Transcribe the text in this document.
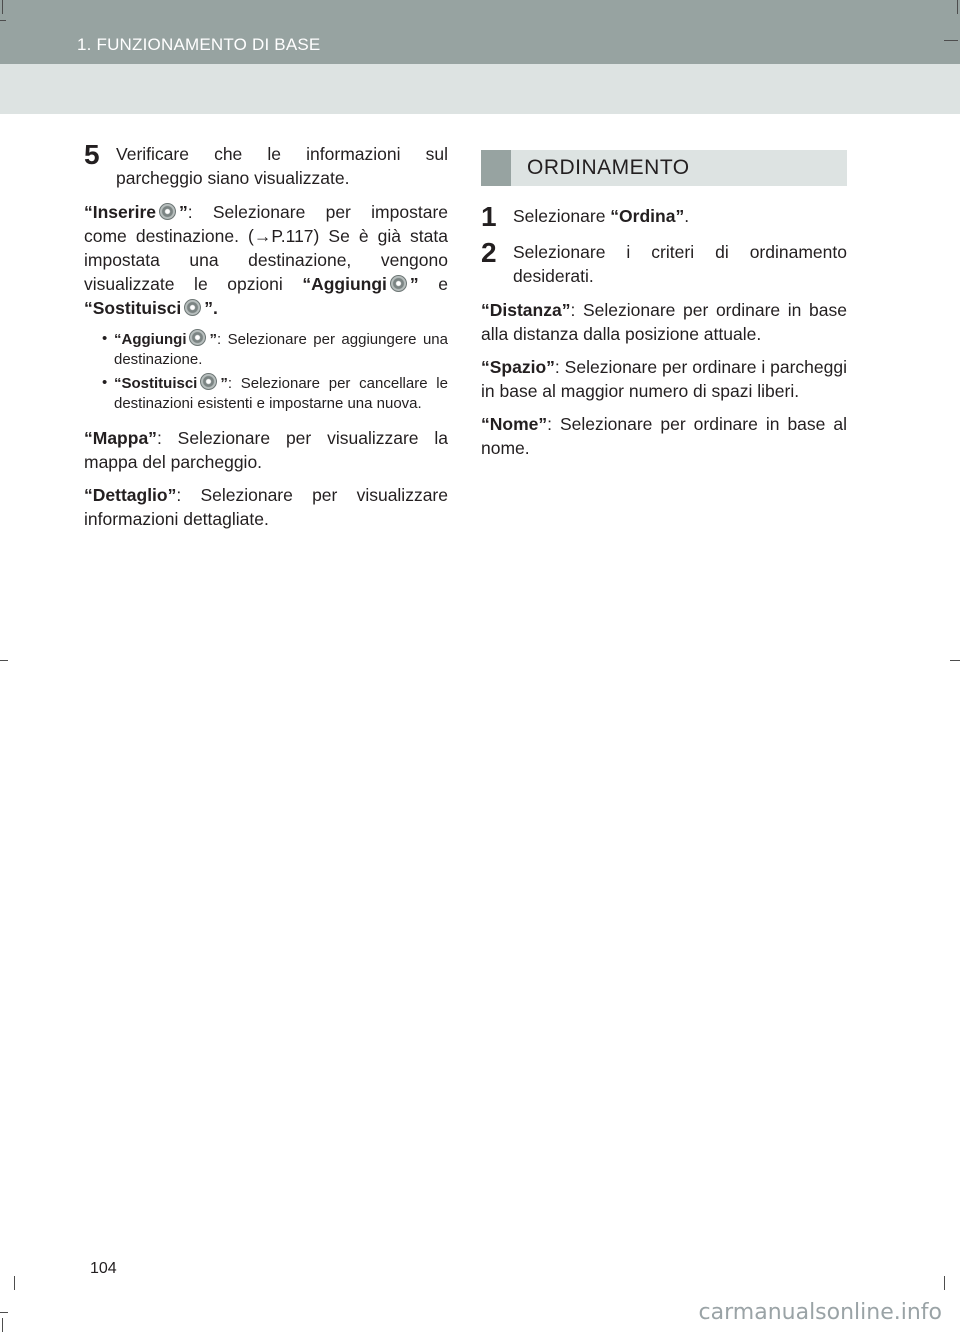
1. FUNZIONAMENTO DI BASE
5 Verificare che le informazioni sul parcheggio siano visualizzate.
“Inserire ”: Selezionare per impostare come destinazione. (→P.117) Se è già stata impostata una destinazione, vengono visualizzate le opzioni “Aggiungi ” e “Sostituisci ”.
• “Aggiungi ”: Selezionare per aggiungere una destinazione.
• “Sostituisci ”: Selezionare per cancellare le destinazioni esistenti e impostarne una nuova.
“Mappa”: Selezionare per visualizzare la mappa del parcheggio.
“Dettaglio”: Selezionare per visualizzare informazioni dettagliate.
ORDINAMENTO
1 Selezionare “Ordina”.
2 Selezionare i criteri di ordinamento desiderati.
“Distanza”: Selezionare per ordinare in base alla distanza dalla posizione attuale.
“Spazio”: Selezionare per ordinare i parcheggi in base al maggior numero di spazi liberi.
“Nome”: Selezionare per ordinare in base al nome.
104
carmanualsonline.info
